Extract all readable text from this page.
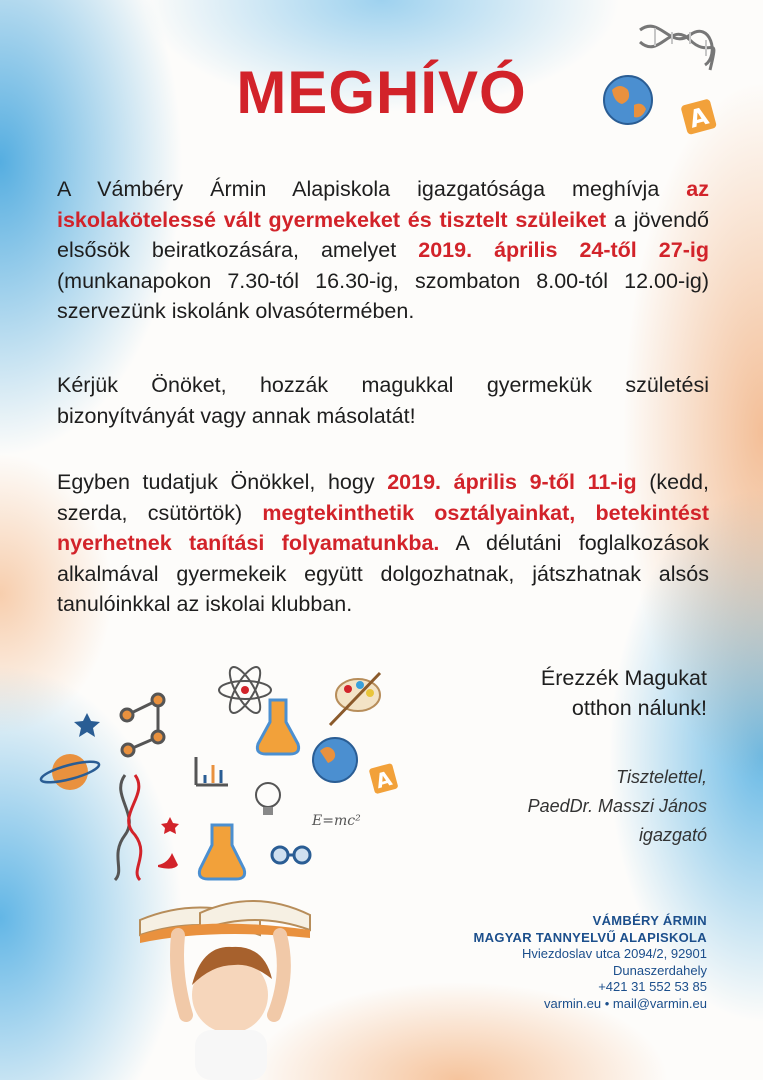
A
MEGHÍVÓ

A Vámbéry Ármin Alapiskola igazgatósága meghívja az iskolakötelessé vált gyermekeket és tisztelt szüleiket a jövendő elsősök beiratkozására, amelyet 2019. április 24-től 27-ig (munkanapokon 7.30-tól 16.30-ig, szombaton 8.00-tól 12.00-ig) szervezünk iskolánk olvasótermében.

Kérjük Önöket, hozzák magukkal gyermekük születési bizonyítványát vagy annak másolatát!

Egyben tudatjuk Önökkel, hogy 2019. április 9-től 11-ig (kedd, szerda, csütörtök) megtekinthetik osztályainkat, betekintést nyerhetnek tanítási folyamatunkba. A délutáni foglalkozások alkalmával gyermekeik együtt dolgozhatnak, játszhatnak alsós tanulóinkkal az iskolai klubban.

Érezzék Magukat
otthon nálunk!

Tisztelettel,
PaedDr. Masszi János
igazgató

VÁMBÉRY ÁRMIN
MAGYAR TANNYELVŰ ALAPISKOLA
Hviezdoslav utca 2094/2, 92901
Dunaszerdahely
+421 31 552 53 85
varmin.eu • mail@varmin.eu

A
E=mc²
